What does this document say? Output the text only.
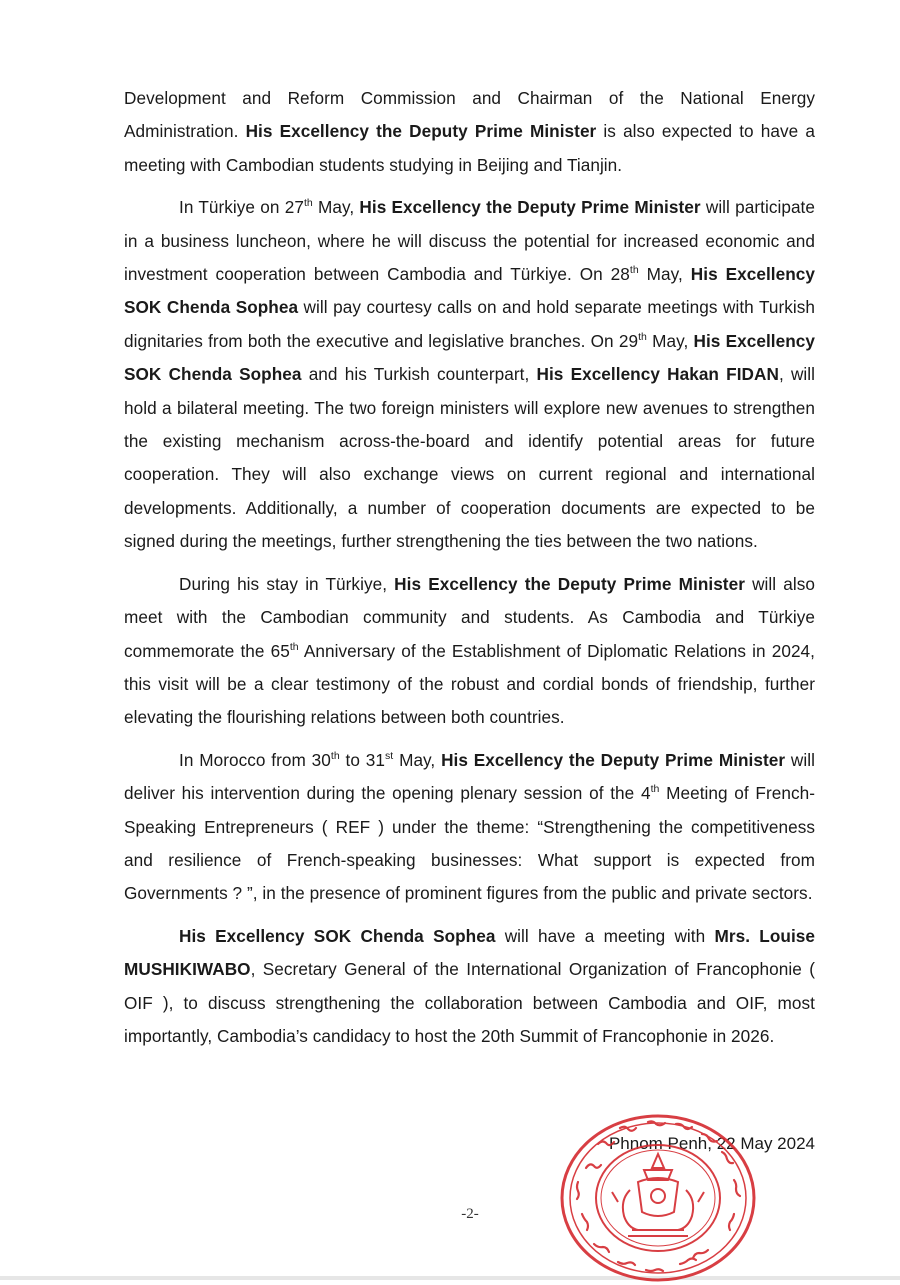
Development and Reform Commission and Chairman of the National Energy Administration. His Excellency the Deputy Prime Minister is also expected to have a meeting with Cambodian students studying in Beijing and Tianjin.

In Türkiye on 27th May, His Excellency the Deputy Prime Minister will participate in a business luncheon, where he will discuss the potential for increased economic and investment cooperation between Cambodia and Türkiye. On 28th May, His Excellency SOK Chenda Sophea will pay courtesy calls on and hold separate meetings with Turkish dignitaries from both the executive and legislative branches. On 29th May, His Excellency SOK Chenda Sophea and his Turkish counterpart, His Excellency Hakan FIDAN, will hold a bilateral meeting. The two foreign ministers will explore new avenues to strengthen the existing mechanism across-the-board and identify potential areas for future cooperation. They will also exchange views on current regional and international developments. Additionally, a number of cooperation documents are expected to be signed during the meetings, further strengthening the ties between the two nations.

During his stay in Türkiye, His Excellency the Deputy Prime Minister will also meet with the Cambodian community and students. As Cambodia and Türkiye commemorate the 65th Anniversary of the Establishment of Diplomatic Relations in 2024, this visit will be a clear testimony of the robust and cordial bonds of friendship, further elevating the flourishing relations between both countries.

In Morocco from 30th to 31st May, His Excellency the Deputy Prime Minister will deliver his intervention during the opening plenary session of the 4th Meeting of French-Speaking Entrepreneurs ( REF ) under the theme: “Strengthening the competitiveness and resilience of French-speaking businesses: What support is expected from Governments ? ”, in the presence of prominent figures from the public and private sectors.

His Excellency SOK Chenda Sophea will have a meeting with Mrs. Louise MUSHIKIWABO, Secretary General of the International Organization of Francophonie ( OIF ), to discuss strengthening the collaboration between Cambodia and OIF, most importantly, Cambodia’s candidacy to host the 20th Summit of Francophonie in 2026.

Phnom Penh, 22 May 2024
-2-
